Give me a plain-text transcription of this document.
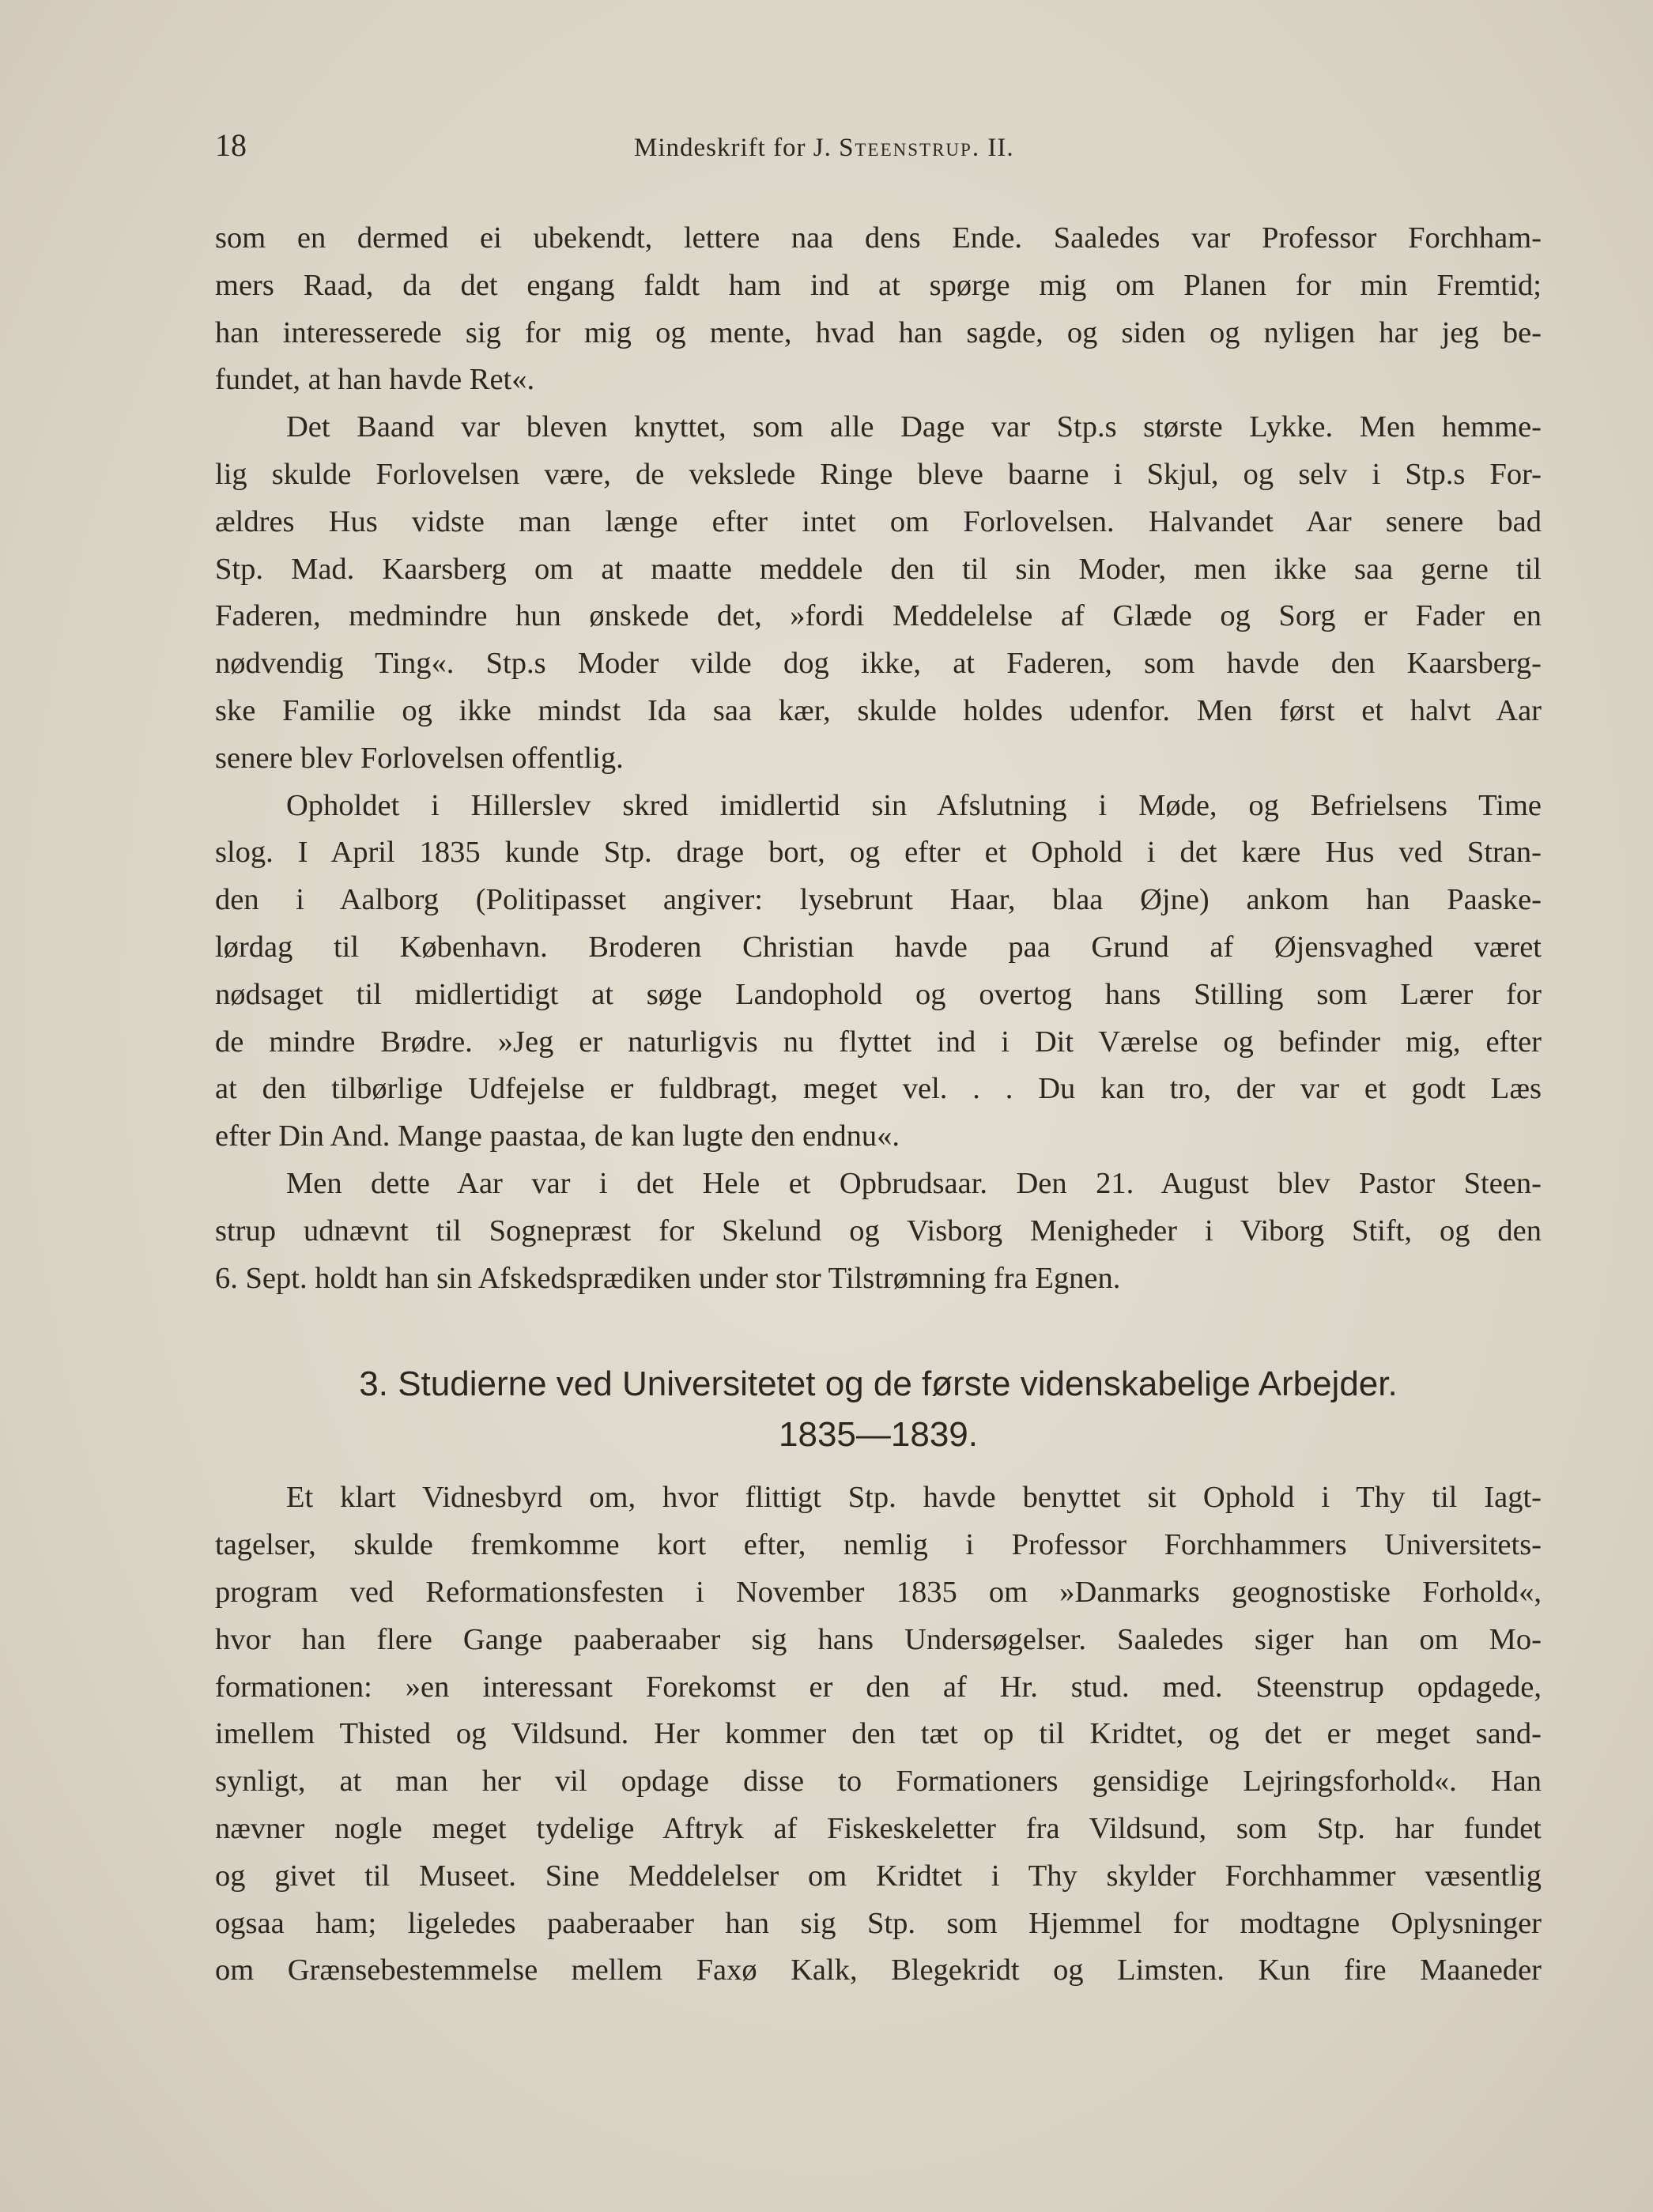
18	Mindeskrift for J. Steenstrup. II.
som en dermed ei ubekendt, lettere naa dens Ende. Saaledes var Professor Forchham-
mers Raad, da det engang faldt ham ind at spørge mig om Planen for min Fremtid;
han interesserede sig for mig og mente, hvad han sagde, og siden og nyligen har jeg be-
fundet, at han havde Ret«.
Det Baand var bleven knyttet, som alle Dage var Stp.s største Lykke. Men hemme-
lig skulde Forlovelsen være, de vekslede Ringe bleve baarne i Skjul, og selv i Stp.s For-
ældres Hus vidste man længe efter intet om Forlovelsen. Halvandet Aar senere bad
Stp. Mad. Kaarsberg om at maatte meddele den til sin Moder, men ikke saa gerne til
Faderen, medmindre hun ønskede det, »fordi Meddelelse af Glæde og Sorg er Fader en
nødvendig Ting«. Stp.s Moder vilde dog ikke, at Faderen, som havde den Kaarsberg-
ske Familie og ikke mindst Ida saa kær, skulde holdes udenfor. Men først et halvt Aar
senere blev Forlovelsen offentlig.
Opholdet i Hillerslev skred imidlertid sin Afslutning i Møde, og Befrielsens Time
slog. I April 1835 kunde Stp. drage bort, og efter et Ophold i det kære Hus ved Stran-
den i Aalborg (Politipasset angiver: lysebrunt Haar, blaa Øjne) ankom han Paaske-
lørdag til København. Broderen Christian havde paa Grund af Øjensvaghed været
nødsaget til midlertidigt at søge Landophold og overtog hans Stilling som Lærer for
de mindre Brødre. »Jeg er naturligvis nu flyttet ind i Dit Værelse og befinder mig, efter
at den tilbørlige Udfejelse er fuldbragt, meget vel. . . Du kan tro, der var et godt Læs
efter Din And. Mange paastaa, de kan lugte den endnu«.
Men dette Aar var i det Hele et Opbrudsaar. Den 21. August blev Pastor Steen-
strup udnævnt til Sognepræst for Skelund og Visborg Menigheder i Viborg Stift, og den
6. Sept. holdt han sin Afskedsprædiken under stor Tilstrømning fra Egnen.
3. Studierne ved Universitetet og de første videnskabelige Arbejder.
1835—1839.
Et klart Vidnesbyrd om, hvor flittigt Stp. havde benyttet sit Ophold i Thy til Iagt-
tagelser, skulde fremkomme kort efter, nemlig i Professor Forchhammers Universitets-
program ved Reformationsfesten i November 1835 om »Danmarks geognostiske Forhold«,
hvor han flere Gange paaberaaber sig hans Undersøgelser. Saaledes siger han om Mo-
formationen: »en interessant Forekomst er den af Hr. stud. med. Steenstrup opdagede,
imellem Thisted og Vildsund. Her kommer den tæt op til Kridtet, og det er meget sand-
synligt, at man her vil opdage disse to Formationers gensidige Lejringsforhold«. Han
nævner nogle meget tydelige Aftryk af Fiskeskeletter fra Vildsund, som Stp. har fundet
og givet til Museet. Sine Meddelelser om Kridtet i Thy skylder Forchhammer væsentlig
ogsaa ham; ligeledes paaberaaber han sig Stp. som Hjemmel for modtagne Oplysninger
om Grænsebestemmelse mellem Faxø Kalk, Blegekridt og Limsten. Kun fire Maaneder
